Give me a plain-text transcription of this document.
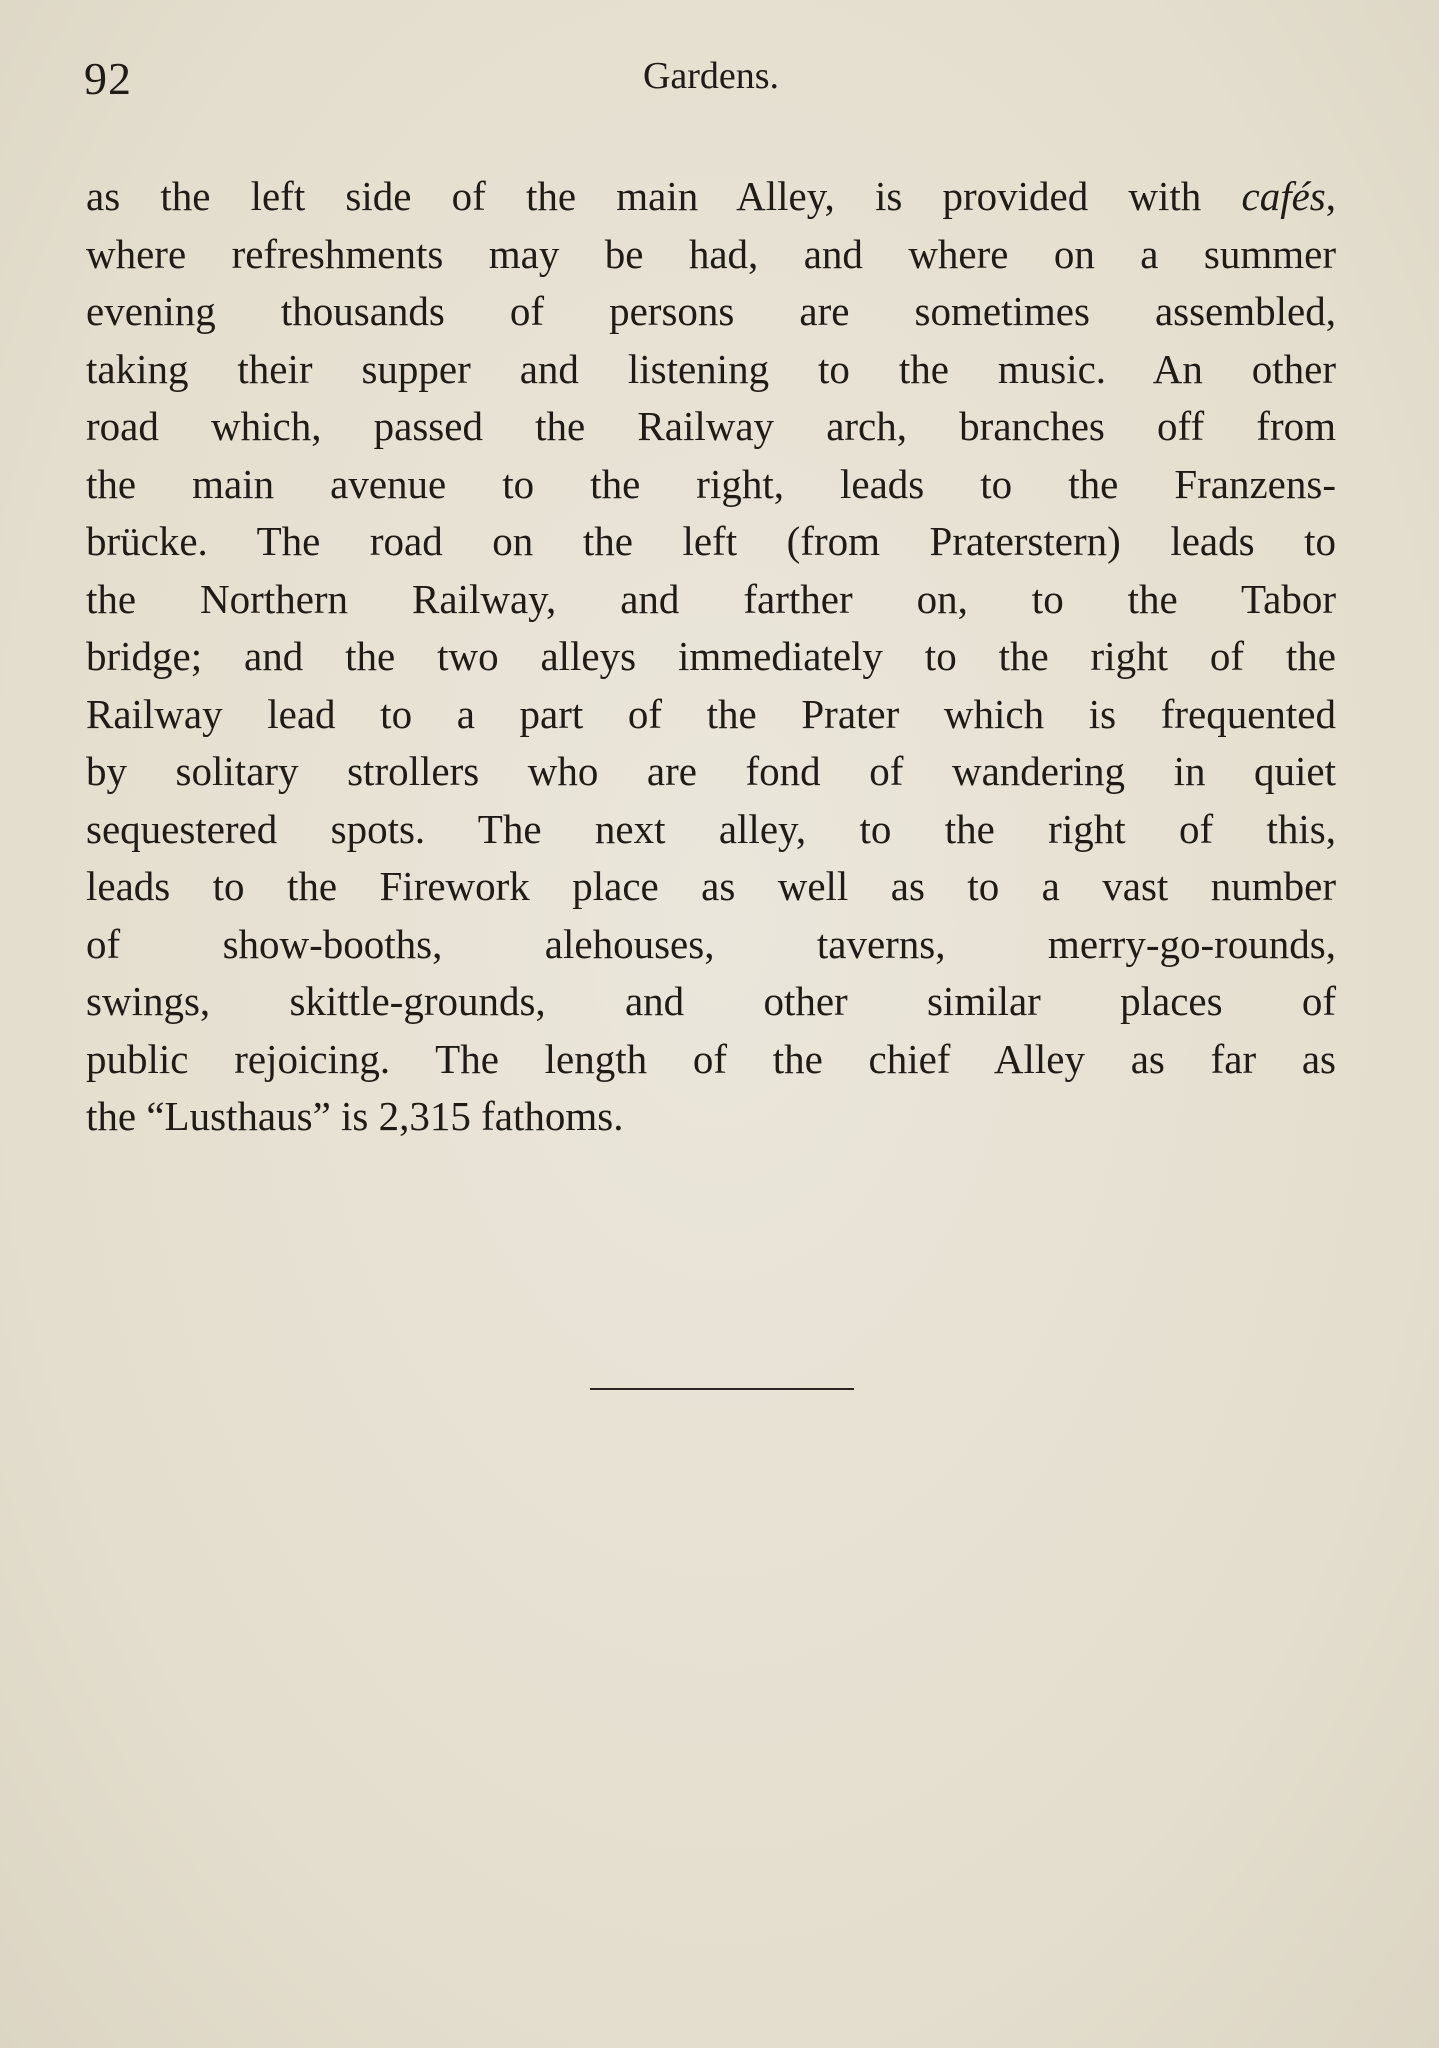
92	Gardens.
as the left side of the main Alley, is provided with cafés,
where refreshments may be had, and where on a summer
evening thousands of persons are sometimes assembled,
taking their supper and listening to the music. An other
road which, passed the Railway arch, branches off from
the main avenue to the right, leads to the Franzens-
brücke. The road on the left (from Praterstern) leads to
the Northern Railway, and farther on, to the Tabor
bridge; and the two alleys immediately to the right of the
Railway lead to a part of the Prater which is frequented
by solitary strollers who are fond of wandering in quiet
sequestered spots. The next alley, to the right of this,
leads to the Firework place as well as to a vast number
of show-booths, alehouses, taverns, merry-go-rounds,
swings, skittle-grounds, and other similar places of
public rejoicing. The length of the chief Alley as far as
the “Lusthaus” is 2,315 fathoms.
